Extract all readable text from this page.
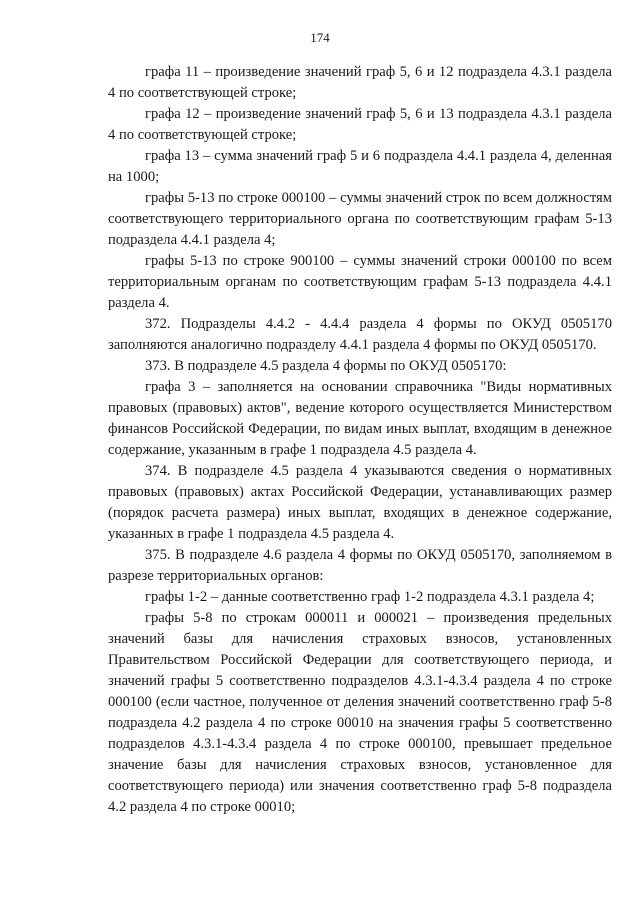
174

графа 11 – произведение значений граф 5, 6 и 12 подраздела 4.3.1 раздела 4 по соответствующей строке;

графа 12 – произведение значений граф 5, 6 и 13 подраздела 4.3.1 раздела 4 по соответствующей строке;

графа 13 – сумма значений граф 5 и 6 подраздела 4.4.1 раздела 4, деленная на 1000;

графы 5-13 по строке 000100 – суммы значений строк по всем должностям соответствующего территориального органа по соответствующим графам 5-13 подраздела 4.4.1 раздела 4;

графы 5-13 по строке 900100 – суммы значений строки 000100 по всем территориальным органам по соответствующим графам 5-13 подраздела 4.4.1 раздела 4.

372. Подразделы 4.4.2 - 4.4.4 раздела 4 формы по ОКУД 0505170 заполняются аналогично подразделу 4.4.1 раздела 4 формы по ОКУД 0505170.

373. В подразделе 4.5 раздела 4 формы по ОКУД 0505170:

графа 3 – заполняется на основании справочника "Виды нормативных правовых (правовых) актов", ведение которого осуществляется Министерством финансов Российской Федерации, по видам иных выплат, входящим в денежное содержание, указанным в графе 1 подраздела 4.5 раздела 4.

374. В подразделе 4.5 раздела 4 указываются сведения о нормативных правовых (правовых) актах Российской Федерации, устанавливающих размер (порядок расчета размера) иных выплат, входящих в денежное содержание, указанных в графе 1 подраздела 4.5 раздела 4.

375. В подразделе 4.6 раздела 4 формы по ОКУД 0505170, заполняемом в разрезе территориальных органов:

графы 1-2 – данные соответственно граф 1-2 подраздела 4.3.1 раздела 4;

графы 5-8 по строкам 000011 и 000021 – произведения предельных значений базы для начисления страховых взносов, установленных Правительством Российской Федерации для соответствующего периода, и значений графы 5 соответственно подразделов 4.3.1-4.3.4 раздела 4 по строке 000100 (если частное, полученное от деления значений соответственно граф 5-8 подраздела 4.2 раздела 4 по строке 00010 на значения графы 5 соответственно подразделов 4.3.1-4.3.4 раздела 4 по строке 000100, превышает предельное значение базы для начисления страховых взносов, установленное для соответствующего периода) или значения соответственно граф 5-8 подраздела 4.2 раздела 4 по строке 00010;
